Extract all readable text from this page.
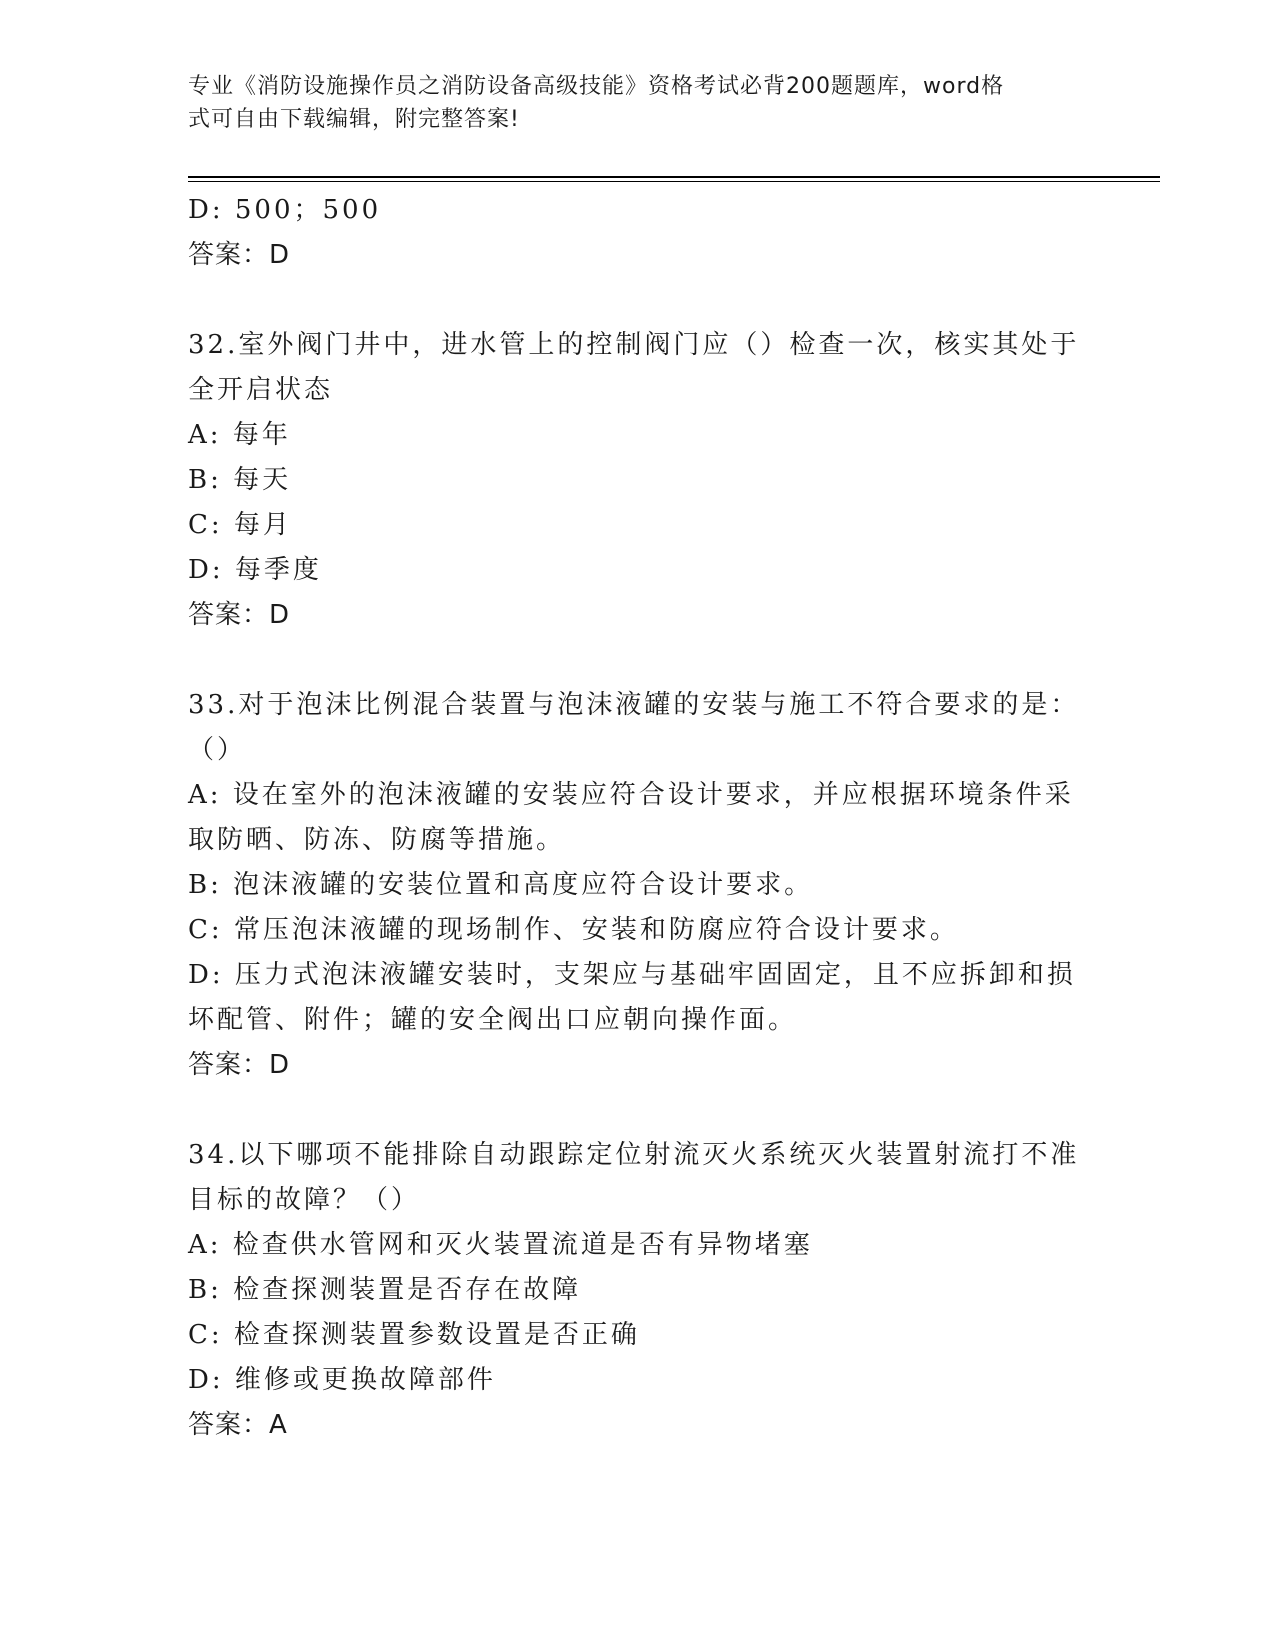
专业《消防设施操作员之消防设备高级技能》资格考试必背200题题库，word格
式可自由下载编辑，附完整答案!
D: 500；500
答案：D
32.室外阀门井中，进水管上的控制阀门应（）检查一次，核实其处于
全开启状态
A: 每年
B: 每天
C: 每月
D: 每季度
答案：D
33.对于泡沫比例混合装置与泡沫液罐的安装与施工不符合要求的是：
（）
A: 设在室外的泡沫液罐的安装应符合设计要求，并应根据环境条件采
取防晒、防冻、防腐等措施。
B: 泡沫液罐的安装位置和高度应符合设计要求。
C: 常压泡沫液罐的现场制作、安装和防腐应符合设计要求。
D: 压力式泡沫液罐安装时，支架应与基础牢固固定，且不应拆卸和损
坏配管、附件；罐的安全阀出口应朝向操作面。
答案：D
34.以下哪项不能排除自动跟踪定位射流灭火系统灭火装置射流打不准
目标的故障？（）
A: 检查供水管网和灭火装置流道是否有异物堵塞
B: 检查探测装置是否存在故障
C: 检查探测装置参数设置是否正确
D: 维修或更换故障部件
答案：A
